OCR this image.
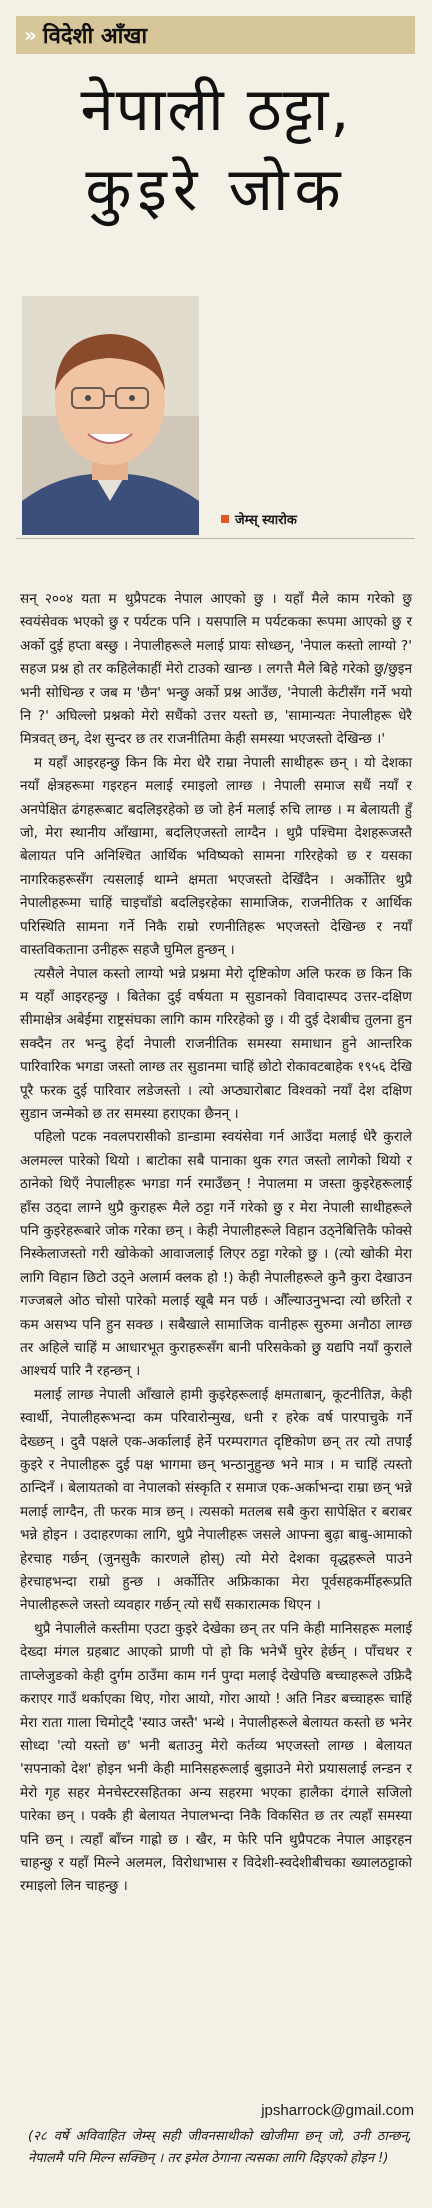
» विदेशी आँखा
नेपाली ठट्टा,
कुइरे जोक
जेम्स् स्यारोक

सन् २००४ यता म थुप्रैपटक नेपाल आएको छु । यहाँ मैले काम गरेको छु स्वयंसेवक भएको छु र पर्यटक पनि । यसपालि म पर्यटकका रूपमा आएको छु र अर्को दुई हप्ता बस्छु । नेपालीहरूले मलाई प्रायः सोध्छन्, 'नेपाल कस्तो लाग्यो ?' सहज प्रश्न हो तर कहिलेकाहीं मेरो टाउको खान्छ । लगत्तै मैले बिहे गरेको छु/छुइन भनी सोधिन्छ र जब म 'छैन' भन्छु अर्को प्रश्न आउँछ, 'नेपाली केटीसँग गर्ने भयो नि ?' अघिल्लो प्रश्नको मेरो सधैंको उत्तर यस्तो छ, 'सामान्यतः नेपालीहरू धेरै मित्रवत् छन्, देश सुन्दर छ तर राजनीतिमा केही समस्या भएजस्तो देखिन्छ ।'

म यहाँ आइरहन्छु किन कि मेरा धेरै राम्रा नेपाली साथीहरू छन् । यो देशका नयाँ क्षेत्रहरूमा गइरहन मलाई रमाइलो लाग्छ । नेपाली समाज सधैं नयाँ र अनपेक्षित ढंगहरूबाट बदलिइरहेको छ जो हेर्न मलाई रुचि लाग्छ । म बेलायती हुँ जो, मेरा स्थानीय आँखामा, बदलिएजस्तो लाग्दैन । थुप्रै पश्चिमा देशहरूजस्तै बेलायत पनि अनिश्चित आर्थिक भविष्यको सामना गरिरहेको छ र यसका नागरिकहरूसँग त्यसलाई थाम्ने क्षमता भएजस्तो देखिँदैन । अर्कोतिर थुप्रै नेपालीहरूमा चाहिं चाइचाँडो बदलिइरहेका सामाजिक, राजनीतिक र आर्थिक परिस्थिति सामना गर्ने निकै राम्रो रणनीतिहरू भएजस्तो देखिन्छ र नयाँ वास्तविकताना उनीहरू सहजै घुमिल हुन्छन् ।

त्यसैले नेपाल कस्तो लाग्यो भन्ने प्रश्नमा मेरो दृष्टिकोण अलि फरक छ किन कि म यहाँ आइरहन्छु । बितेका दुई वर्षयता म सुडानको विवादास्पद उत्तर-दक्षिण सीमाक्षेत्र अबेईमा राष्ट्रसंघका लागि काम गरिरहेको छु । यी दुई देशबीच तुलना हुन सक्दैन तर भन्दु हेर्दा नेपाली राजनीतिक समस्या समाधान हुने आन्तरिक पारिवारिक भगडा जस्तो लाग्छ तर सुडानमा चाहिं छोटो रोकावटबाहेक १९५६ देखि पूरै फरक दुई पारिवार लडेजस्तो । त्यो अप्ठ्यारोबाट विश्वको नयाँ देश दक्षिण सुडान जन्मेको छ तर समस्या हराएका छैनन् ।

पहिलो पटक नवलपरासीको डान्डामा स्वयंसेवा गर्न आउँदा मलाई धेरै कुराले अलमल्ल पारेको थियो । बाटोका सबै पानाका थुक रगत जस्तो लागेको थियो र ठानेको थिएँ नेपालीहरू भगडा गर्न रमाउँछन् ! नेपालमा म जस्ता कुइरेहरूलाई हाँस उठ्दा लाग्ने थुप्रै कुराहरू मैले ठट्टा गर्ने गरेको छु र मेरा नेपाली साथीहरूले पनि कुइरेहरूबारे जोक गरेका छन् । केही नेपालीहरूले विहान उठ्नेबित्तिकै फोक्से निस्केलाजस्तो गरी खोकेको आवाजलाई लिएर ठट्टा गरेको छु । (त्यो खोकी मेरा लागि विहान छिटो उठ्ने अलार्म क्लक हो !) केही नेपालीहरूले कुनै कुरा देखाउन गज्जबले ओठ चोसो पारेको मलाई खूबै मन पर्छ । औँल्याउनुभन्दा त्यो छरितो र कम असभ्य पनि हुन सक्छ । सबैखाले सामाजिक वानीहरू सुरुमा अनौठा लाग्छ तर अहिले चाहिं म आधारभूत कुराहरूसँग बानी परिसकेको छु यद्यपि नयाँ कुराले आश्चर्य पारि नै रहन्छन् ।

मलाई लाग्छ नेपाली आँखाले हामी कुइरेहरूलाई क्षमताबान्, कूटनीतिज्ञ, केही स्वार्थी, नेपालीहरूभन्दा कम परिवारोन्मुख, धनी र हरेक वर्ष पारपाचुके गर्ने देख्छन् । दुवै पक्षले एक-अर्कालाई हेर्ने परम्परागत दृष्टिकोण छन् तर त्यो तपाईं कुइरे र नेपालीहरू दुई पक्ष भागमा छन् भन्ठानुहुन्छ भने मात्र । म चाहिं त्यस्तो ठान्दिनँ । बेलायतको वा नेपालको संस्कृति र समाज एक-अर्काभन्दा राम्रा छन् भन्ने मलाई लाग्दैन, ती फरक मात्र छन् । त्यसको मतलब सबै कुरा सापेक्षित र बराबर भन्ने होइन । उदाहरणका लागि, थुप्रै नेपालीहरू जसले आफ्ना बुढ़ा बाबु-आमाको हेरचाह गर्छन् (जुनसुकै कारणले होस्) त्यो मेरो देशका वृद्धहरूले पाउने हेरचाहभन्दा राम्रो हुन्छ । अर्कोतिर अफ्रिकाका मेरा पूर्वसहकर्मीहरूप्रति नेपालीहरूले जस्तो व्यवहार गर्छन् त्यो सधैं सकारात्मक थिएन ।

थुप्रै नेपालीले कस्तीमा एउटा कुइरे देखेका छन् तर पनि केही मानिसहरू मलाई देख्दा मंगल ग्रहबाट आएको प्राणी पो हो कि भनेभैं घुरेर हेर्छन् । पाँचथर र ताप्लेजुङको केही दुर्गम ठाउँमा काम गर्न पुग्दा मलाई देखेपछि बच्चाहरूले उफ्रिदै कराएर गाउँ थर्काएका थिए, गोरा आयो, गोरा आयो ! अति निडर बच्चाहरू चाहिं मेरा राता गाला चिमोट्दै 'स्याउ जस्तै' भन्थे । नेपालीहरूले बेलायत कस्तो छ भनेर सोध्दा 'त्यो यस्तो छ' भनी बताउनु मेरो कर्तव्य भएजस्तो लाग्छ । बेलायत 'सपनाको देश' होइन भनी केही मानिसहरूलाई बुझाउने मेरो प्रयासलाई लन्डन र मेरो गृह सहर मेनचेस्टरसहितका अन्य सहरमा भएका हालैका दंगाले सजिलो पारेका छन् । पक्कै ही बेलायत नेपालभन्दा निकै विकसित छ तर त्यहाँ समस्या पनि छन् । त्यहाँ बाँच्न गाह्रो छ । खैर, म फेरि पनि थुप्रैपटक नेपाल आइरहन चाहन्छु र यहाँ मिल्ने अलमल, विरोधाभास र विदेशी-स्वदेशीबीचका ख्यालठट्टाको रमाइलो लिन चाहन्छु ।

jpsharrock@gmail.com
(२८ वर्षे अविवाहित जेम्स् सही जीवनसाथीको खोजीमा छन् जो, उनी ठान्छन्, नेपालमै पनि मिल्न सक्छिन् । तर इमेल ठेगाना त्यसका लागि दिइएको होइन !)
